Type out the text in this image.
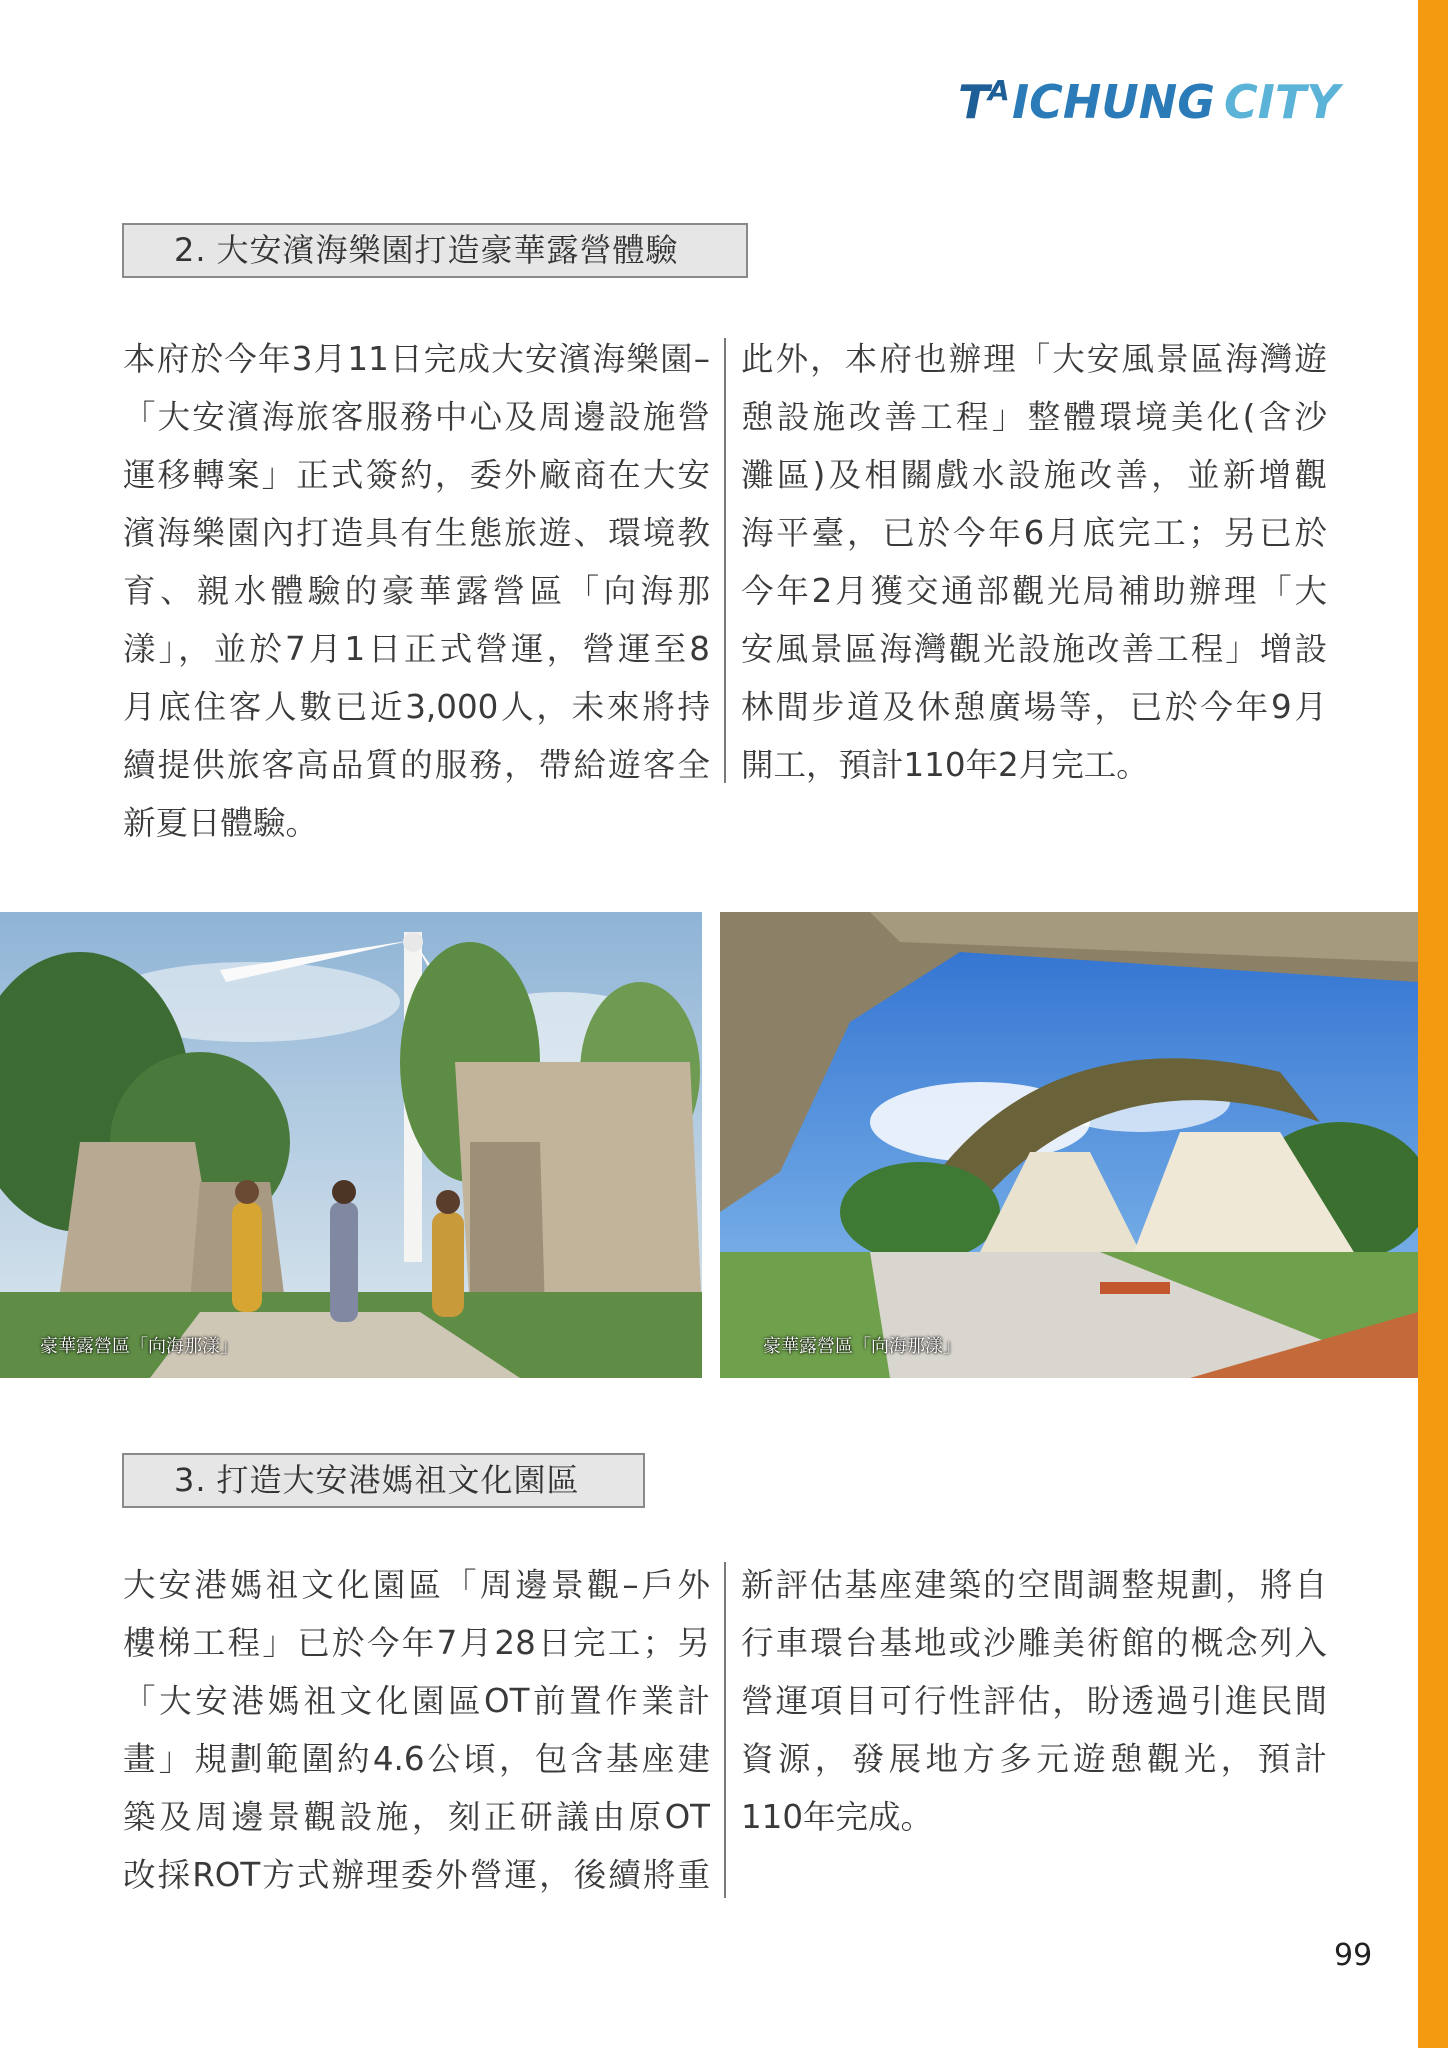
T
A ICHUNG CITY
2. 大安濱海樂園打造豪華露營體驗
本府於今年3月11日完成大安濱海樂園–
「大安濱海旅客服務中心及周邊設施營
運移轉案」正式簽約，委外廠商在大安
濱海樂園內打造具有生態旅遊、環境教
育、親水體驗的豪華露營區「向海那
漾」，並於7月1日正式營運，營運至8
月底住客人數已近3,000人，未來將持
續提供旅客高品質的服務，帶給遊客全
新夏日體驗。
此外，本府也辦理「大安風景區海灣遊
憩設施改善工程」整體環境美化(含沙
灘區)及相關戲水設施改善，並新增觀
海平臺，已於今年6月底完工；另已於
今年2月獲交通部觀光局補助辦理「大
安風景區海灣觀光設施改善工程」增設
林間步道及休憩廣場等，已於今年9月
開工，預計110年2月完工。
豪華露營區「向海那漾」	豪華露營區「向海那漾」
3. 打造大安港媽祖文化園區
大安港媽祖文化園區「周邊景觀–戶外
樓梯工程」已於今年7月28日完工；另
「大安港媽祖文化園區OT前置作業計
畫」規劃範圍約4.6公頃，包含基座建
築及周邊景觀設施，刻正研議由原OT
改採ROT方式辦理委外營運，後續將重
新評估基座建築的空間調整規劃，將自
行車環台基地或沙雕美術館的概念列入
營運項目可行性評估，盼透過引進民間
資源，發展地方多元遊憩觀光，預計
110年完成。
99
